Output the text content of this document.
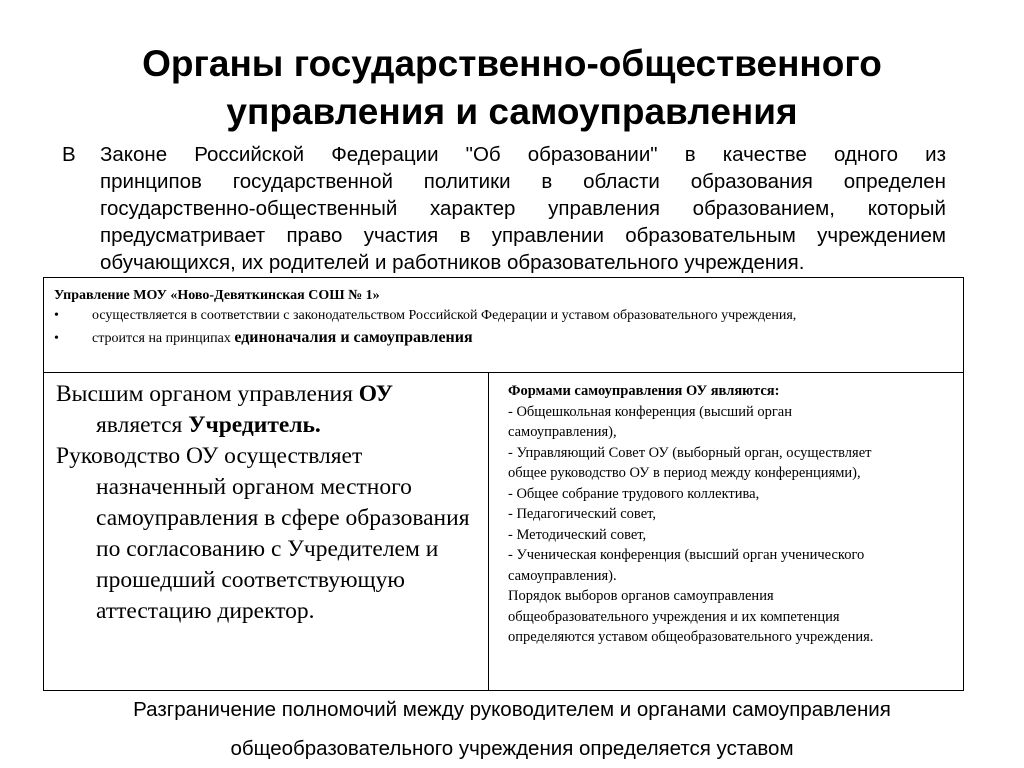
Органы государственно-общественного
управления и самоуправления
В	Законе Российской Федерации "Об образовании" в качестве одного из
принципов государственной политики в области образования определен
государственно-общественный характер управления образованием, который
предусматривает право участия в управлении образовательным учреждением
обучающихся, их родителей и работников образовательного учреждения.
Управление МОУ «Ново-Девяткинская СОШ № 1»
• осуществляется в соответствии с законодательством Российской Федерации и уставом образовательного учреждения,
• строится на принципах единоначалия и самоуправления

Высшим органом управления ОУ является Учредитель.

Руководство ОУ осуществляет назначенный органом местного самоуправления в сфере образования по согласованию с Учредителем и прошедший соответствующую аттестацию директор.

Формами самоуправления ОУ являются:
- Общешкольная конференция (высший орган
самоуправления),
- Управляющий Совет ОУ (выборный орган, осуществляет
общее руководство ОУ в период между конференциями),
- Общее собрание трудового коллектива,
- Педагогический совет,
- Методический совет,
- Ученическая конференция (высший орган ученического
самоуправления).
Порядок выборов органов самоуправления
общеобразовательного учреждения и их компетенция
определяются уставом общеобразовательного учреждения.
Разграничение полномочий между руководителем и органами самоуправления
общеобразовательного учреждения определяется уставом
